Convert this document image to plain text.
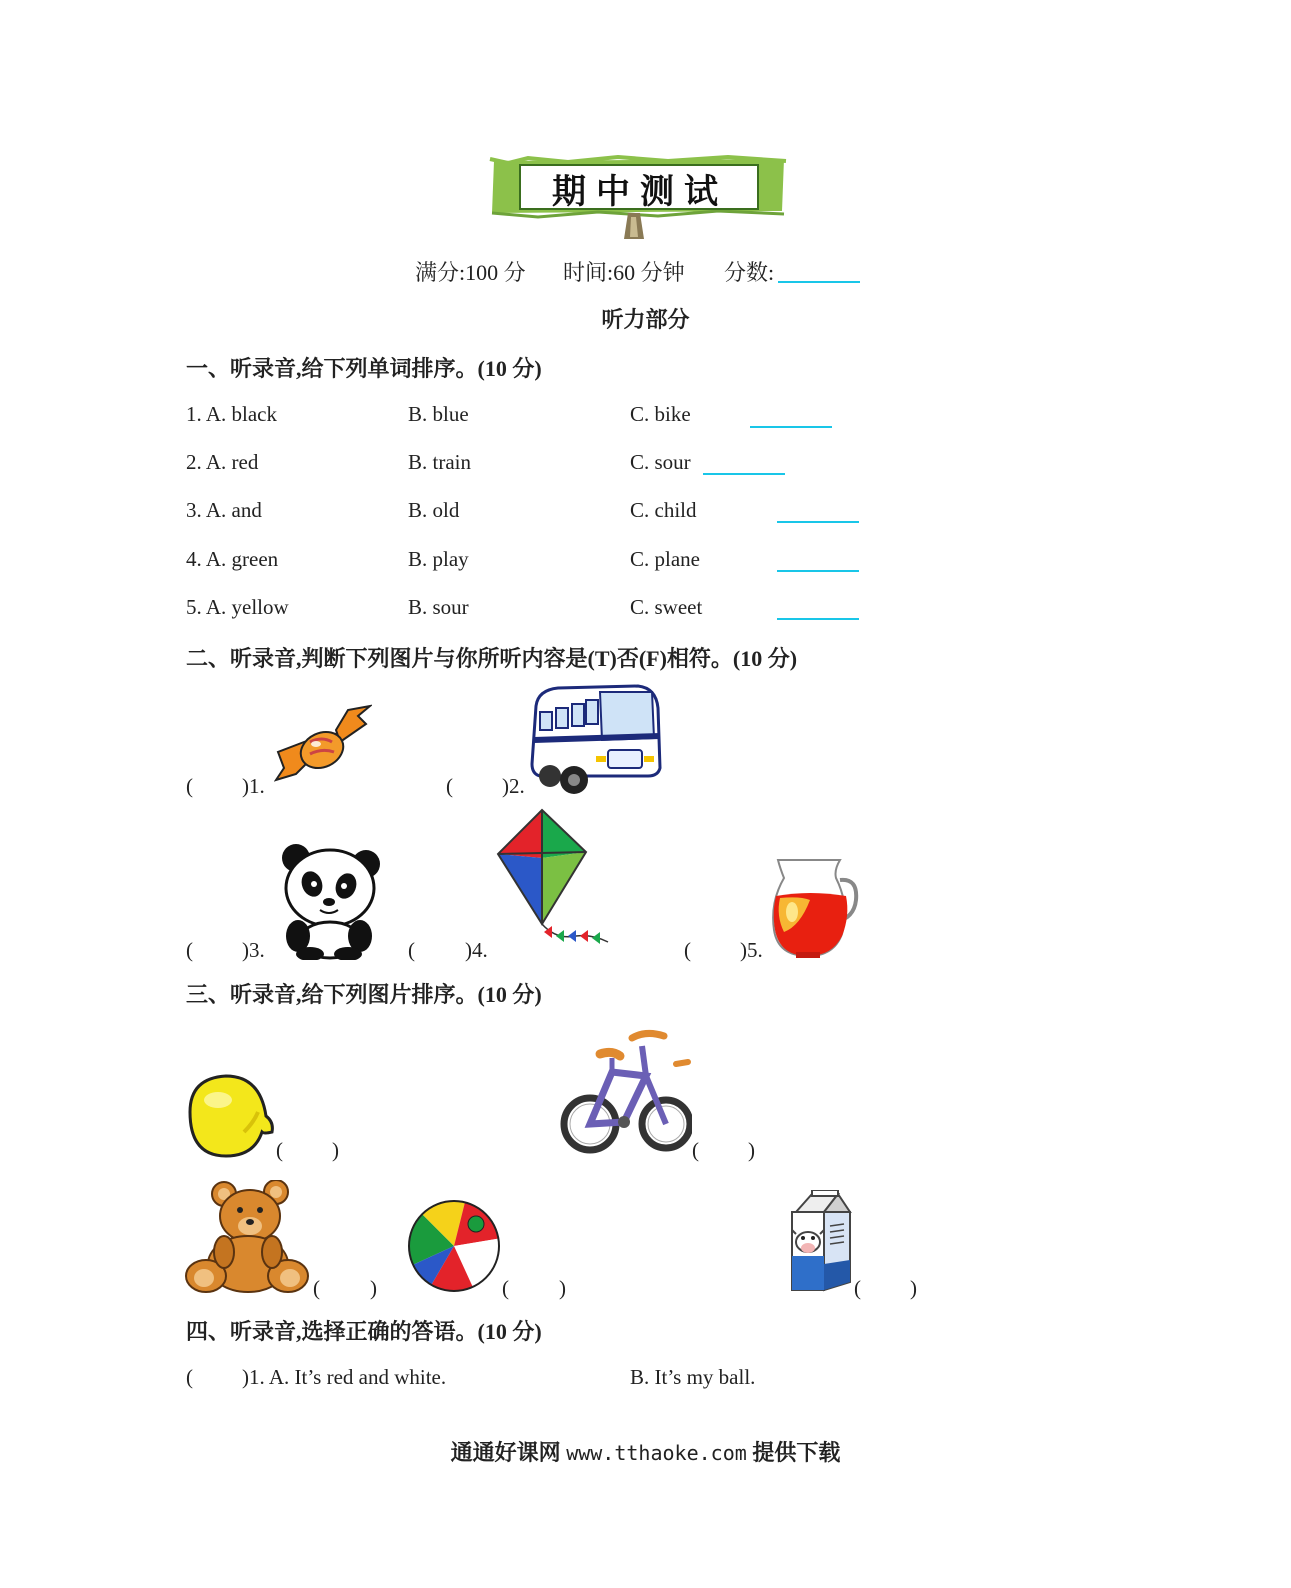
期中测试
满分:100 分 时间:60 分钟 分数:
听力部分
一、听录音,给下列单词排序。(10 分)
1. A. black	B. blue	C. bike
2. A. red	B. train	C. sour
3. A. and	B. old	C. child
4. A. green	B. play	C. plane
5. A. yellow	B. sour	C. sweet
二、听录音,判断下列图片与你所听内容是(T)否(F)相符。(10 分)
( )1.	( )2.
( )3.	( )4.	( )5.
三、听录音,给下列图片排序。(10 分)
( )	( )
( )	( )	( )
四、听录音,选择正确的答语。(10 分)
( )1. A. It’s red and white.	B. It’s my ball.
通通好课网 www.tthaoke.com 提供下载
